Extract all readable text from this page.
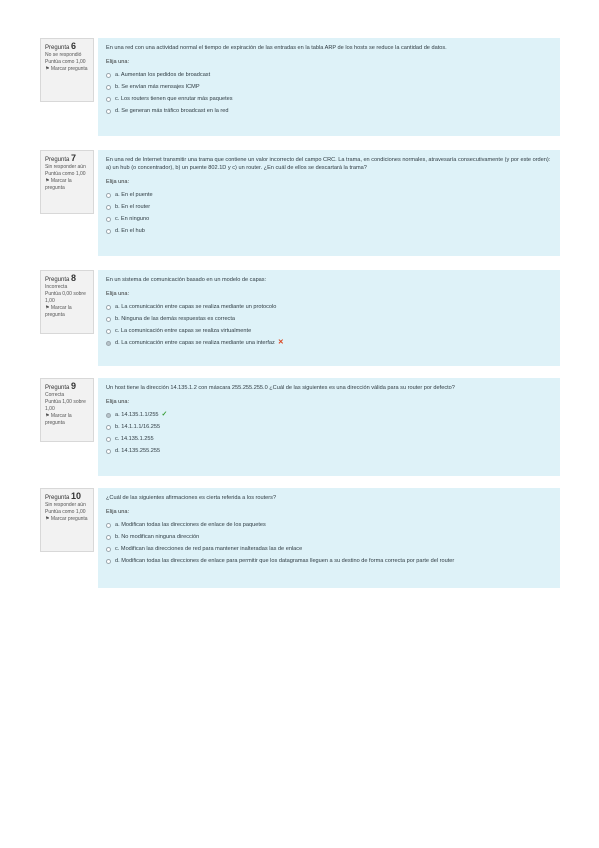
Pregunta 6
No se respondió
Puntúa como 1,00
⚑ Marcar pregunta
En una red con una actividad normal el tiempo de expiración de las entradas en la tabla ARP de los hosts se reduce la cantidad de datos.
Elija una:
a. Aumentan los pedidos de broadcast
b. Se envían más mensajes ICMP
c. Los routers tienen que enrutar más paquetes
d. Se generan más tráfico broadcast en la red
Pregunta 7
Sin responder aún
Puntúa como 1,00
⚑ Marcar la pregunta
En una red de Internet transmitir una trama que contiene un valor incorrecto del campo CRC. La trama, en condiciones normales, atravesaría consecutivamente (y por este orden): a) un hub (o concentrador), b) un puente 802.1D y c) un router. ¿En cuál de ellos se descartará la trama?
Elija una:
a. En el puente
b. En el router
c. En ninguno
d. En el hub
Pregunta 8
Incorrecta
Puntúa 0,00 sobre 1,00
⚑ Marcar la pregunta
En un sistema de comunicación basado en un modelo de capas:
Elija una:
a. La comunicación entre capas se realiza mediante un protocolo
b. Ninguna de las demás respuestas es correcta
c. La comunicación entre capas se realiza virtualmente
d. La comunicación entre capas se realiza mediante una interfaz ✕
Pregunta 9
Correcta
Puntúa 1,00 sobre 1,00
⚑ Marcar la pregunta
Un host tiene la dirección 14.135.1.2 con máscara 255.255.255.0 ¿Cuál de las siguientes es una dirección válida para su router por defecto?
Elija una:
a. 14.135.1.1/255 ✓
b. 14.1.1.1/16.255
c. 14.135.1.255
d. 14.135.255.255
Pregunta 10
Sin responder aún
Puntúa como 1,00
⚑ Marcar pregunta
¿Cuál de las siguientes afirmaciones es cierta referida a los routers?
Elija una:
a. Modifican todas las direcciones de enlace de los paquetes
b. No modifican ninguna dirección
c. Modifican las direcciones de red para mantener inalteradas las de enlace
d. Modifican todas las direcciones de enlace para permitir que los datagramas lleguen a su destino de forma correcta por parte del router
